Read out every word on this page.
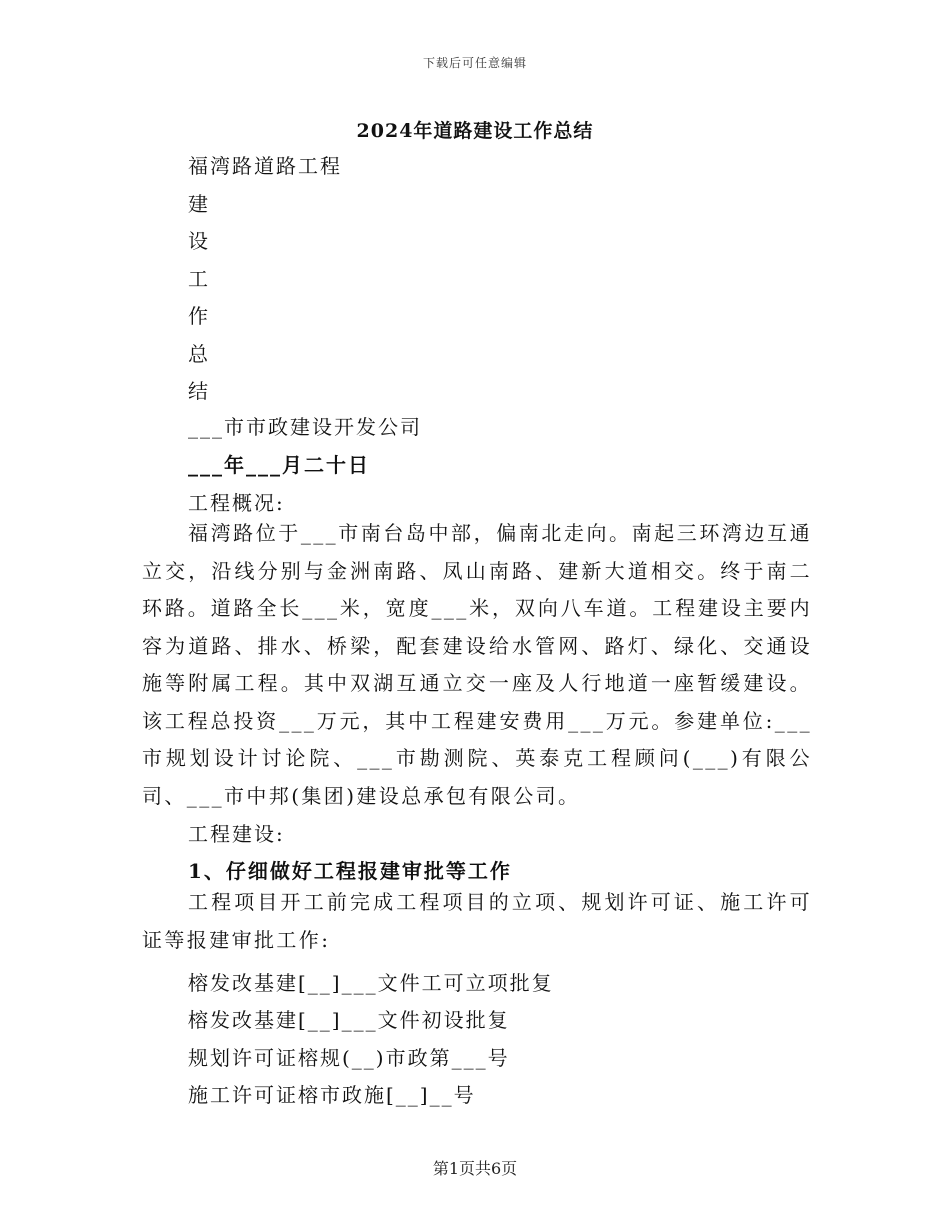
下载后可任意编辑
2024年道路建设工作总结
福湾路道路工程
建
设
工
作
总
结
___市市政建设开发公司
___年___月二十日
工程概况:

福湾路位于___市南台岛中部，偏南北走向。南起三环湾边互通立交，沿线分别与金洲南路、凤山南路、建新大道相交。终于南二环路。道路全长___米，宽度___米，双向八车道。工程建设主要内容为道路、排水、桥梁，配套建设给水管网、路灯、绿化、交通设施等附属工程。其中双湖互通立交一座及人行地道一座暂缓建设。该工程总投资___万元，其中工程建安费用___万元。参建单位:___市规划设计讨论院、___市勘测院、英泰克工程顾问(___)有限公司、___市中邦(集团)建设总承包有限公司。

工程建设:
1、仔细做好工程报建审批等工作

工程项目开工前完成工程项目的立项、规划许可证、施工许可证等报建审批工作:

榕发改基建[__]___文件工可立项批复
榕发改基建[__]___文件初设批复
规划许可证榕规(__)市政第___号
施工许可证榕市政施[__]__号
第1页共6页
